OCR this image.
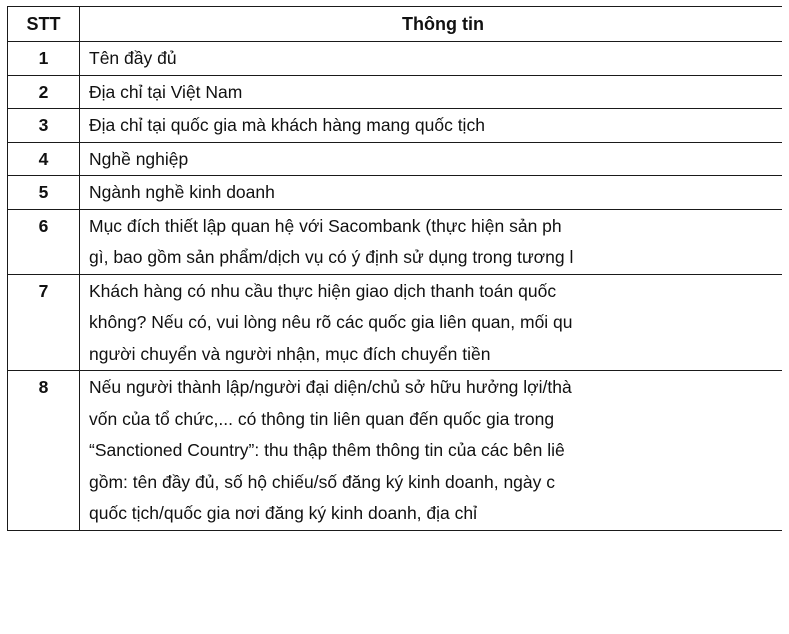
STT	Thông tin
1	Tên đầy đủ

2	Địa chỉ tại Việt Nam

3	Địa chỉ tại quốc gia mà khách hàng mang quốc tịch

4	Nghề nghiệp

5	Ngành nghề kinh doanh

6	Mục đích thiết lập quan hệ với Sacombank (thực hiện sản ph
gì, bao gồm sản phẩm/dịch vụ có ý định sử dụng trong tương l

7	Khách hàng có nhu cầu thực hiện giao dịch thanh toán quốc
không? Nếu có, vui lòng nêu rõ các quốc gia liên quan, mối qu
người chuyển và người nhận, mục đích chuyển tiền

8	Nếu người thành lập/người đại diện/chủ sở hữu hưởng lợi/thà
vốn của tổ chức,... có thông tin liên quan đến quốc gia trong
“Sanctioned Country”: thu thập thêm thông tin của các bên liê
gồm: tên đầy đủ, số hộ chiếu/số đăng ký kinh doanh, ngày c
quốc tịch/quốc gia nơi đăng ký kinh doanh, địa chỉ
